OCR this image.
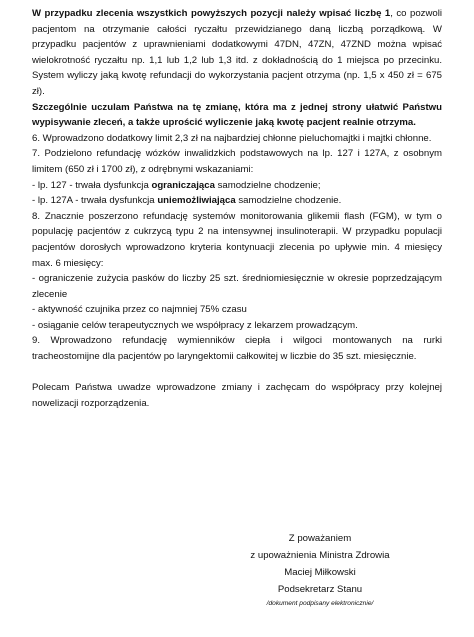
W przypadku zlecenia wszystkich powyższych pozycji należy wpisać liczbę 1, co pozwoli pacjentom na otrzymanie całości ryczałtu przewidzianego daną liczbą porządkową. W przypadku pacjentów z uprawnieniami dodatkowymi 47DN, 47ZN, 47ZND można wpisać wielokrotność ryczałtu np. 1,1 lub 1,2 lub 1,3 itd. z dokładnością do 1 miejsca po przecinku. System wyliczy jaką kwotę refundacji do wykorzystania pacjent otrzyma (np. 1,5 x 450 zł = 675 zł).

Szczególnie uczulam Państwa na tę zmianę, która ma z jednej strony ułatwić Państwu wypisywanie zleceń, a także uprościć wyliczenie jaką kwotę pacjent realnie otrzyma.

6. Wprowadzono dodatkowy limit 2,3 zł na najbardziej chłonne pieluchomajtki i majtki chłonne.

7. Podzielono refundację wózków inwalidzkich podstawowych na lp. 127 i 127A, z osobnym limitem (650 zł i 1700 zł), z odrębnymi wskazaniami:

- lp. 127 - trwała dysfunkcja ograniczająca samodzielne chodzenie;

- lp. 127A - trwała dysfunkcja uniemożliwiająca samodzielne chodzenie.

8. Znacznie poszerzono refundację systemów monitorowania glikemii flash (FGM), w tym o populację pacjentów z cukrzycą typu 2 na intensywnej insulinoterapii. W przypadku populacji pacjentów dorosłych wprowadzono kryteria kontynuacji zlecenia po upływie min. 4 miesięcy max. 6 miesięcy:

- ograniczenie zużycia pasków do liczby 25 szt. średniomiesięcznie w okresie poprzedzającym zlecenie

- aktywność czujnika przez co najmniej 75% czasu

- osiąganie celów terapeutycznych we współpracy z lekarzem prowadzącym.

9. Wprowadzono refundację wymienników ciepła i wilgoci montowanych na rurki tracheostomijne dla pacjentów po laryngektomii całkowitej w liczbie do 35 szt. miesięcznie.

Polecam Państwa uwadze wprowadzone zmiany i zachęcam do współpracy przy kolejnej nowelizacji rozporządzenia.

Z poważaniem
z upoważnienia Ministra Zdrowia
Maciej Miłkowski
Podsekretarz Stanu
/dokument podpisany elektronicznie/
